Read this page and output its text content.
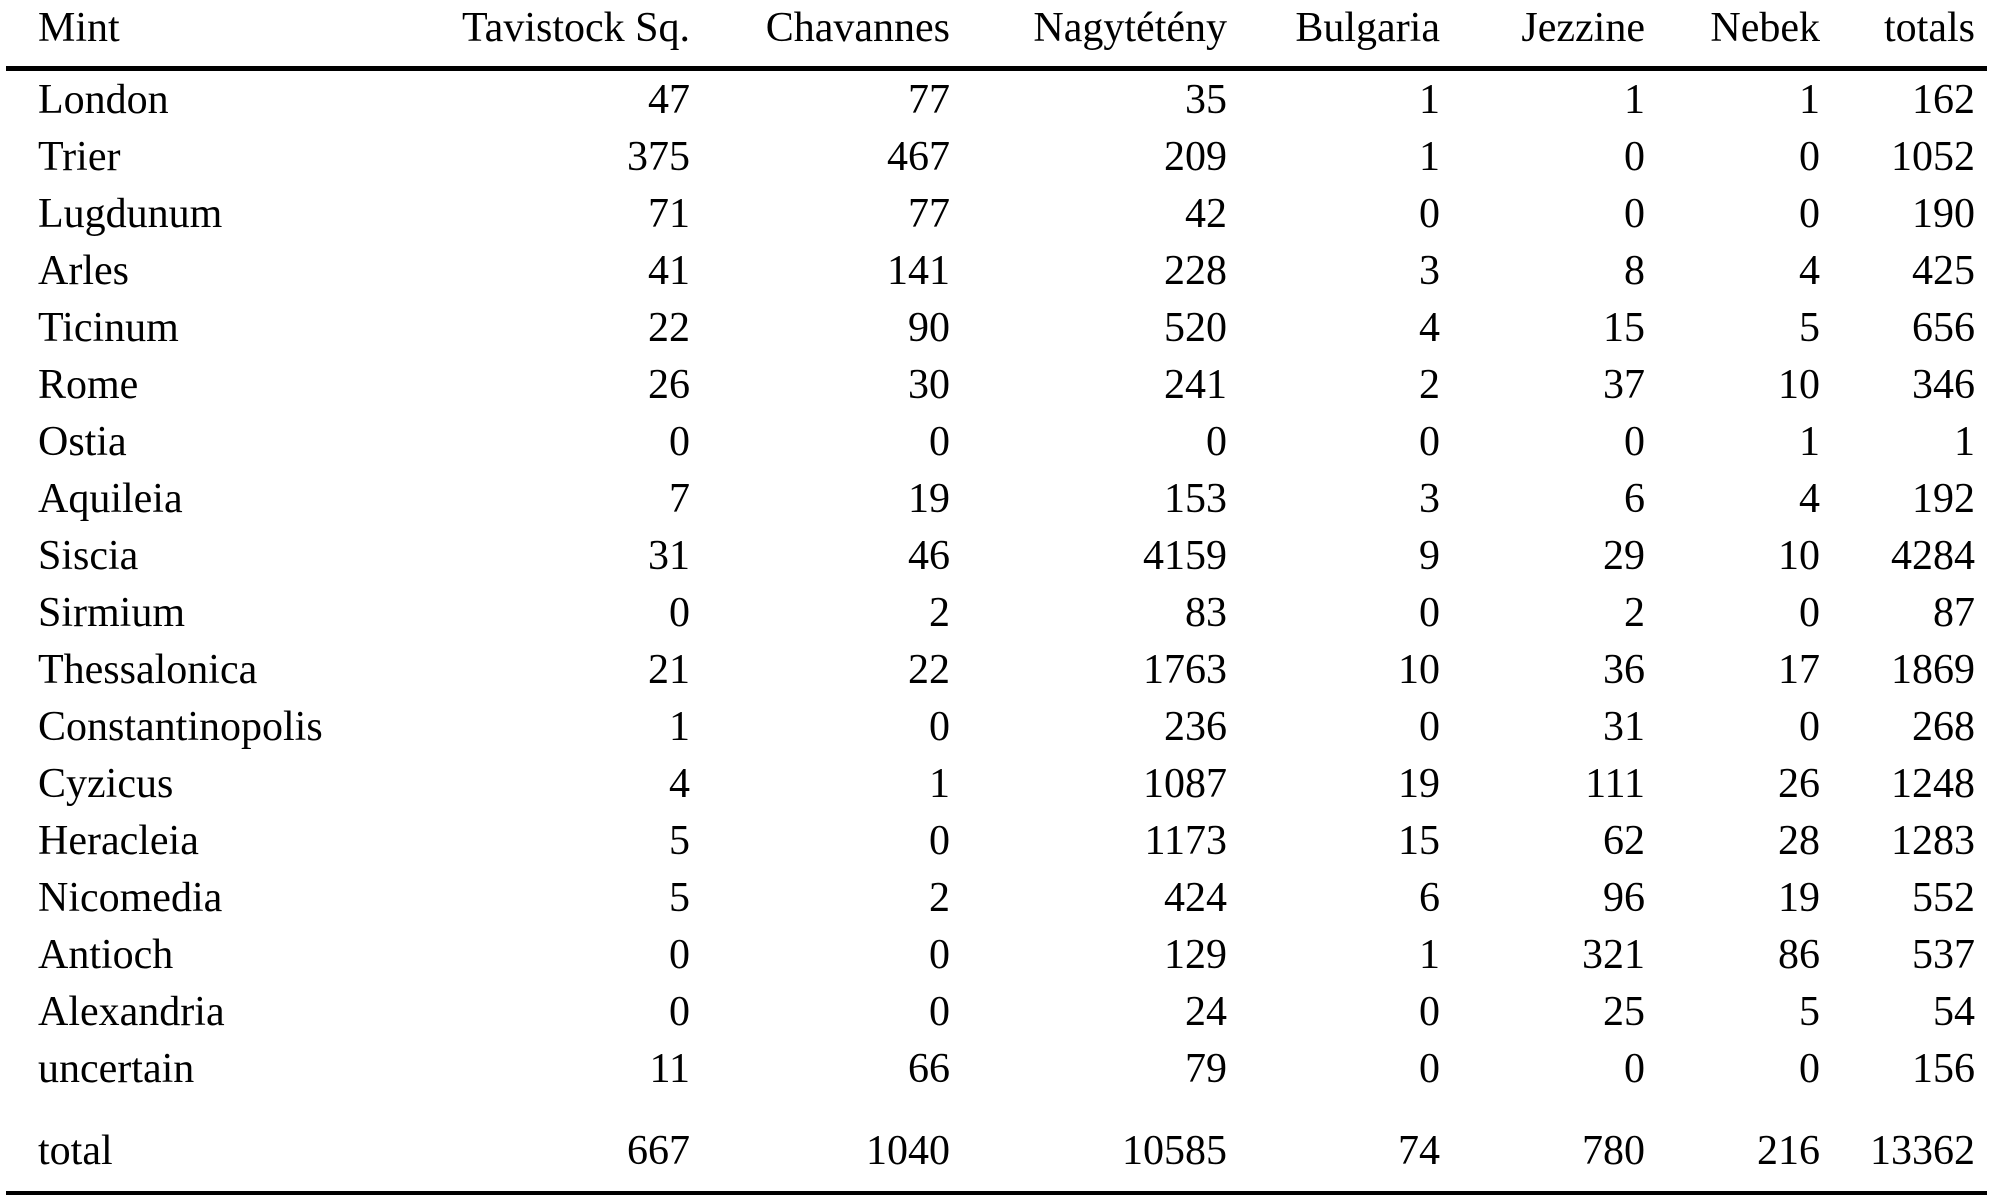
Mint	Tavistock Sq.	Chavannes	Nagytétény	Bulgaria	Jezzine	Nebek	totals
London	47	77	35	1	1	1	162
Trier	375	467	209	1	0	0	1052
Lugdunum	71	77	42	0	0	0	190
Arles	41	141	228	3	8	4	425
Ticinum	22	90	520	4	15	5	656
Rome	26	30	241	2	37	10	346
Ostia	0	0	0	0	0	1	1
Aquileia	7	19	153	3	6	4	192
Siscia	31	46	4159	9	29	10	4284
Sirmium	0	2	83	0	2	0	87
Thessalonica	21	22	1763	10	36	17	1869
Constantinopolis	1	0	236	0	31	0	268
Cyzicus	4	1	1087	19	111	26	1248
Heracleia	5	0	1173	15	62	28	1283
Nicomedia	5	2	424	6	96	19	552
Antioch	0	0	129	1	321	86	537
Alexandria	0	0	24	0	25	5	54
uncertain	11	66	79	0	0	0	156
total	667	1040	10585	74	780	216	13362
